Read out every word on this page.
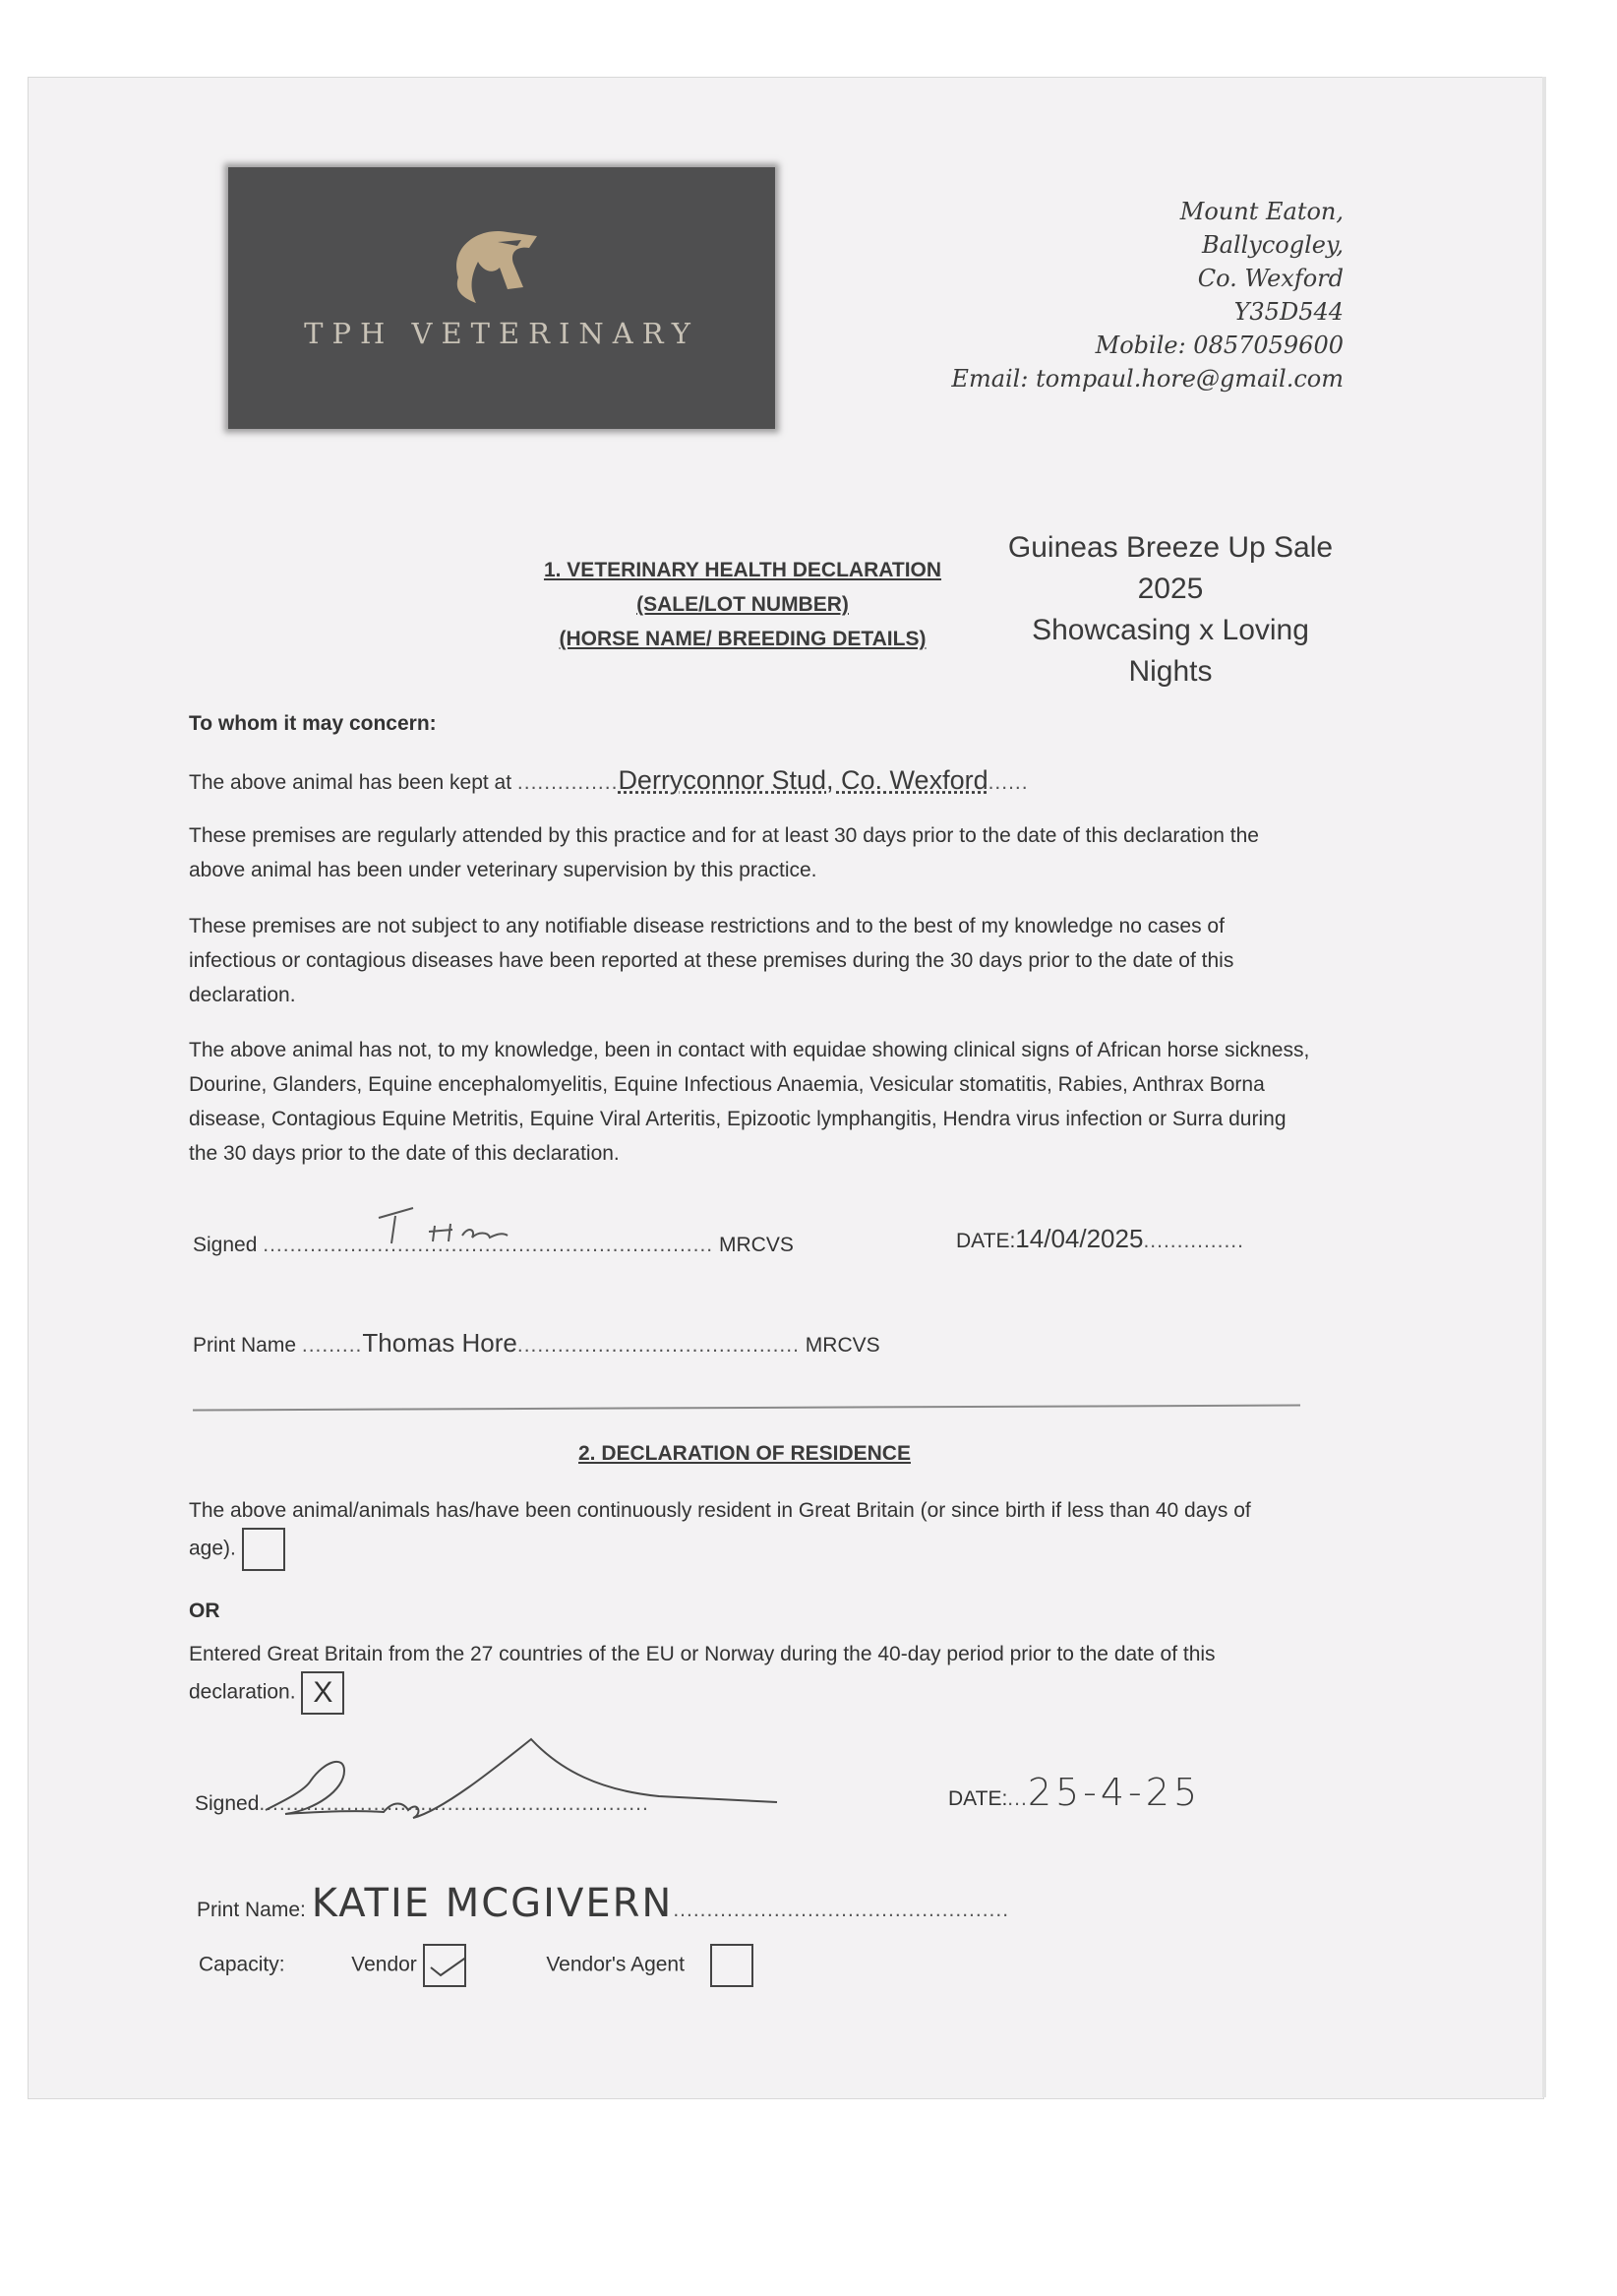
TPH VETERINARY
Mount Eaton,
Ballycogley,
Co. Wexford
Y35D544
Mobile: 0857059600
Email: tompaul.hore@gmail.com
1. VETERINARY HEALTH DECLARATION
(SALE/LOT NUMBER)
(HORSE NAME/ BREEDING DETAILS)
Guineas Breeze Up Sale
2025
Showcasing x Loving
Nights
To whom it may concern:
The above animal has been kept at ...............Derryconnor Stud, Co. Wexford......
These premises are regularly attended by this practice and for at least 30 days prior to the date of this declaration the above animal has been under veterinary supervision by this practice.
These premises are not subject to any notifiable disease restrictions and to the best of my knowledge no cases of infectious or contagious diseases have been reported at these premises during the 30 days prior to the date of this declaration.
The above animal has not, to my knowledge, been in contact with equidae showing clinical signs of African horse sickness, Dourine, Glanders, Equine encephalomyelitis, Equine Infectious Anaemia, Vesicular stomatitis, Rabies, Anthrax Borna disease, Contagious Equine Metritis, Equine Viral Arteritis, Epizootic lymphangitis, Hendra virus infection or Surra during the 30 days prior to the date of this declaration.
Signed ................................................................... MRCVS	DATE:14/04/2025...............
Print Name .........Thomas Hore.......................................... MRCVS
2. DECLARATION OF RESIDENCE
The above animal/animals has/have been continuously resident in Great Britain (or since birth if less than 40 days of age).
OR
Entered Great Britain from the 27 countries of the EU or Norway during the 40-day period prior to the date of this declaration. X
Signed..........................................................	DATE:...25-4-25
Print Name: KATIE MCGIVERN..................................................
Capacity:	Vendor	Vendor's Agent
